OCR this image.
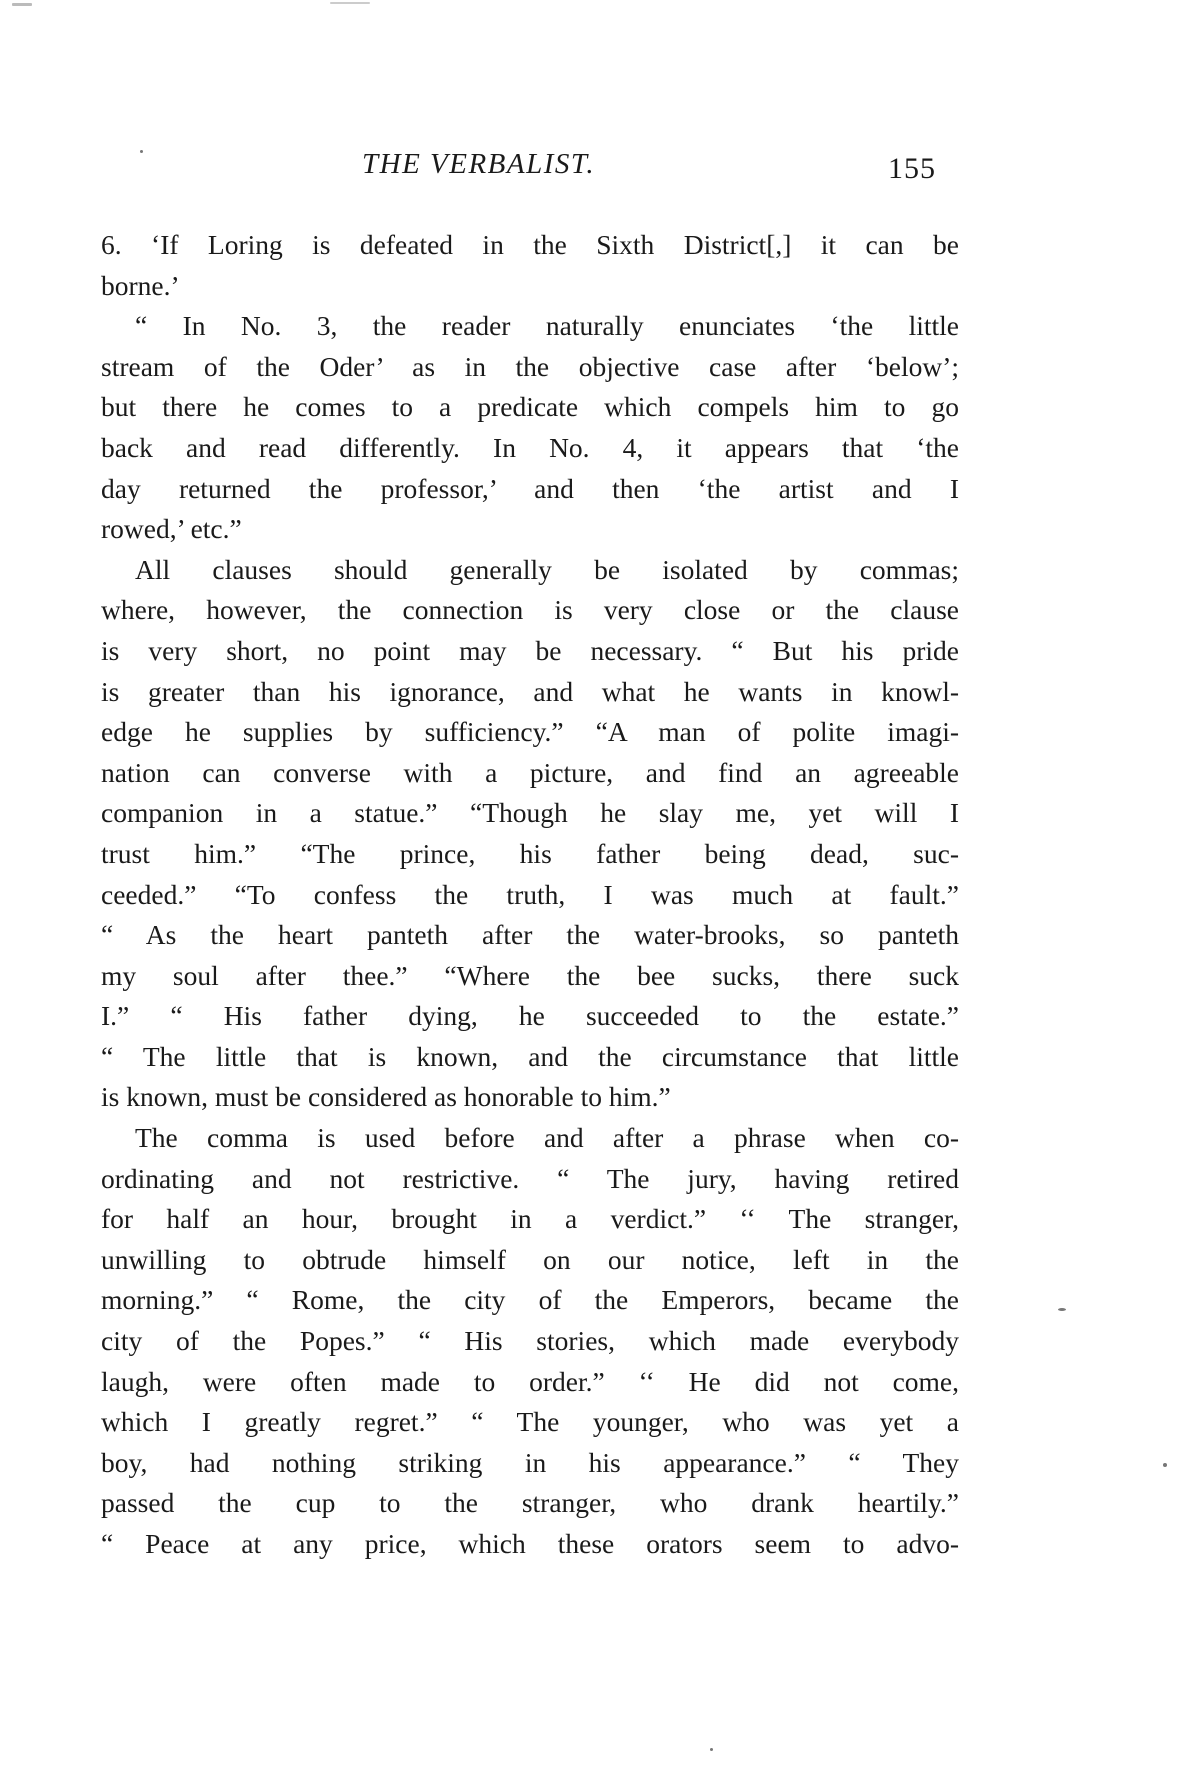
THE VERBALIST.	155
6. ‘If Loring is defeated in the Sixth District[,] it can be
borne.’
“ In No. 3, the reader naturally enunciates ‘the little
stream of the Oder’ as in the objective case after ‘below’;
but there he comes to a predicate which compels him to go
back and read differently. In No. 4, it appears that ‘the
day returned the professor,’ and then ‘the artist and I
rowed,’ etc.”
All clauses should generally be isolated by commas;
where, however, the connection is very close or the clause
is very short, no point may be necessary. “ But his pride
is greater than his ignorance, and what he wants in knowl-
edge he supplies by sufficiency.” “A man of polite imagi-
nation can converse with a picture, and find an agreeable
companion in a statue.” “Though he slay me, yet will I
trust him.” “The prince, his father being dead, suc-
ceeded.” “To confess the truth, I was much at fault.”
“ As the heart panteth after the water-brooks, so panteth
my soul after thee.” “Where the bee sucks, there suck
I.” “ His father dying, he succeeded to the estate.”
“ The little that is known, and the circumstance that little
is known, must be considered as honorable to him.”
The comma is used before and after a phrase when co-
ordinating and not restrictive. “ The jury, having retired
for half an hour, brought in a verdict.” ‘‘ The stranger,
unwilling to obtrude himself on our notice, left in the
morning.” “ Rome, the city of the Emperors, became the
city of the Popes.” “ His stories, which made everybody
laugh, were often made to order.” ‘‘ He did not come,
which I greatly regret.” “ The younger, who was yet a
boy, had nothing striking in his appearance.” “ They
passed the cup to the stranger, who drank heartily.”
“ Peace at any price, which these orators seem to advo-
